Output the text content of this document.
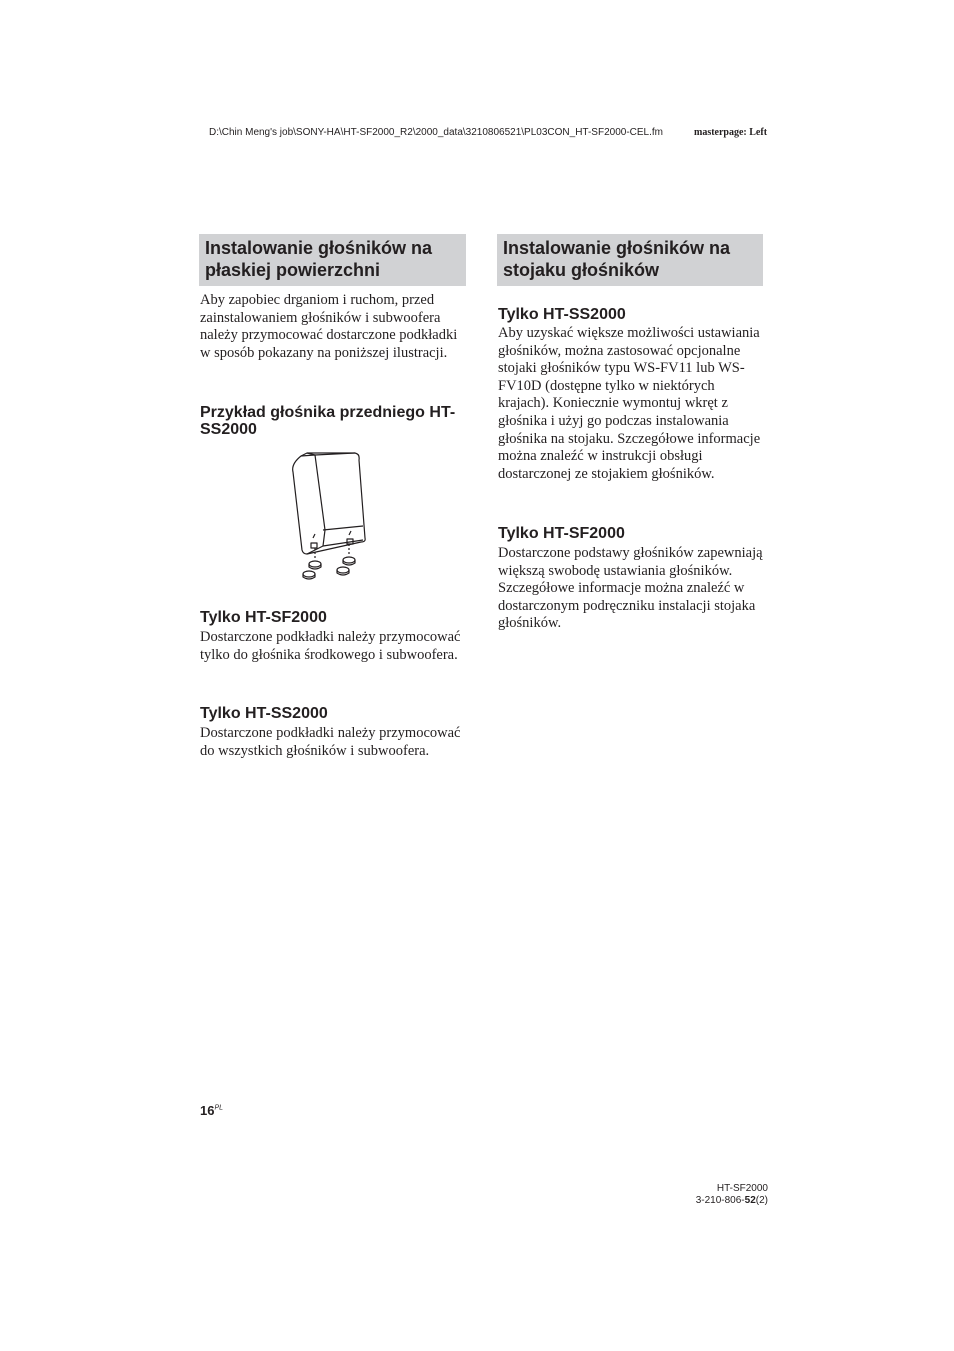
D:\Chin Meng's job\SONY-HA\HT-SF2000_R2\2000_data\3210806521\PL03CON_HT-SF2000-CEL.fm	masterpage: Left
Instalowanie głośników na płaskiej powierzchni

Aby zapobiec drganiom i ruchom, przed zainstalowaniem głośników i subwoofera należy przymocować dostarczone podkładki w sposób pokazany na poniższej ilustracji.

Przykład głośnika przedniego HT-SS2000
Tylko HT-SF2000

Dostarczone podkładki należy przymocować tylko do głośnika środkowego i subwoofera.

Tylko HT-SS2000

Dostarczone podkładki należy przymocować do wszystkich głośników i subwoofera.

Instalowanie głośników na stojaku głośników
Tylko HT-SS2000

Aby uzyskać większe możliwości ustawiania głośników, można zastosować opcjonalne stojaki głośników typu WS-FV11 lub WS-FV10D (dostępne tylko w niektórych krajach). Koniecznie wymontuj wkręt z głośnika i użyj go podczas instalowania głośnika na stojaku. Szczegółowe informacje można znaleźć w instrukcji obsługi dostarczonej ze stojakiem głośników.

Tylko HT-SF2000

Dostarczone podstawy głośników zapewniają większą swobodę ustawiania głośników. Szczegółowe informacje można znaleźć w dostarczonym podręczniku instalacji stojaka głośników.

$16^{PL}$
HT-SF2000
3-210-806-52(2)
